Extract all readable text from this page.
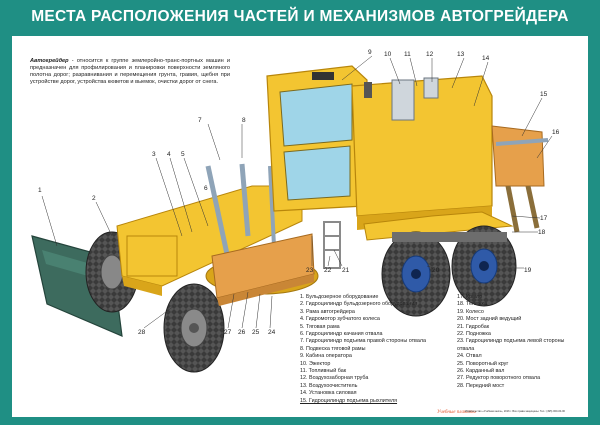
МЕСТА РАСПОЛОЖЕНИЯ ЧАСТЕЙ И МЕХАНИЗМОВ АВТОГРЕЙДЕРА
Автогрейдер - относится к группе землеройно-транс-портных машин и предназначен для профилирования и планировки поверхности земляного полотна дорог; разравнивания и перемещения грунта, гравия, щебня при устройстве дорог, устройства кюветов и выемок, очистки дорог от снега.
1
2
3 4 5
6
7	8
9 10 11 12	13
14
15
16
17
18
19
20
21
22
23
24
25
26
27
28
1. Бульдозерное оборудование
2. Гидроцилиндр бульдозерного оборудования
3. Рама автогрейдера
4. Гидромотор зубчатого колеса
5. Тяговая рама
6. Гидроцилиндр качания отвала
7. Гидроцилиндр подъема правой стороны отвала
8. Подвеска тяговой рамы
9. Кабина оператора
10. Эжектор
11. Топливный бак
12. Воздухозаборная труба
13. Воздухоочиститель
14. Установка силовая
15. Гидроцилиндр подъема рыхлителя
17. Крыло
18. Тележка
19. Колесо
20. Мост задний ведущий
21. Гидробак
22. Подножка
23. Гидроцилиндр подъема левой стороны
отвала
24. Отвал
25. Поворотный круг
26. Карданный вал
27. Редуктор поворотного отвала
28. Передний мост
Учебные плакаты
Издательство «Учебная книга», 2016 г. Все права защищены. Тел.: (495) 000-00-00
